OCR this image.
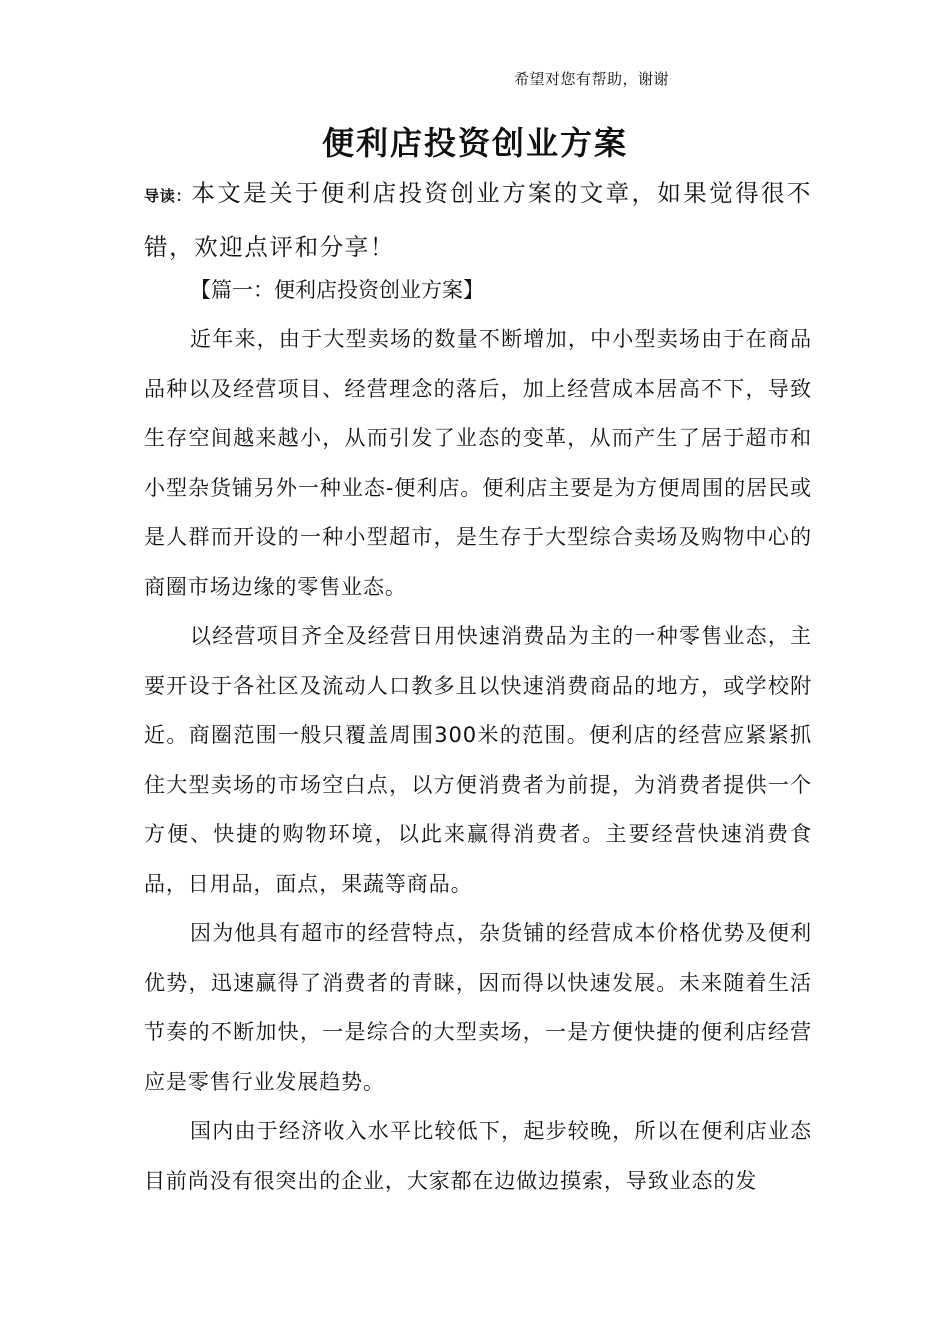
希望对您有帮助，谢谢
便利店投资创业方案
导读：本文是关于便利店投资创业方案的文章，如果觉得很不错，欢迎点评和分享！

【篇一：便利店投资创业方案】

近年来，由于大型卖场的数量不断增加，中小型卖场由于在商品品种以及经营项目、经营理念的落后，加上经营成本居高不下，导致生存空间越来越小，从而引发了业态的变革，从而产生了居于超市和小型杂货铺另外一种业态-便利店。便利店主要是为方便周围的居民或是人群而开设的一种小型超市，是生存于大型综合卖场及购物中心的商圈市场边缘的零售业态。

以经营项目齐全及经营日用快速消费品为主的一种零售业态，主要开设于各社区及流动人口教多且以快速消费商品的地方，或学校附近。商圈范围一般只覆盖周围300米的范围。便利店的经营应紧紧抓住大型卖场的市场空白点，以方便消费者为前提，为消费者提供一个方便、快捷的购物环境，以此来赢得消费者。主要经营快速消费食品，日用品，面点，果蔬等商品。

因为他具有超市的经营特点，杂货铺的经营成本价格优势及便利优势，迅速赢得了消费者的青睐，因而得以快速发展。未来随着生活节奏的不断加快，一是综合的大型卖场，一是方便快捷的便利店经营应是零售行业发展趋势。

国内由于经济收入水平比较低下，起步较晚，所以在便利店业态目前尚没有很突出的企业，大家都在边做边摸索，导致业态的发
